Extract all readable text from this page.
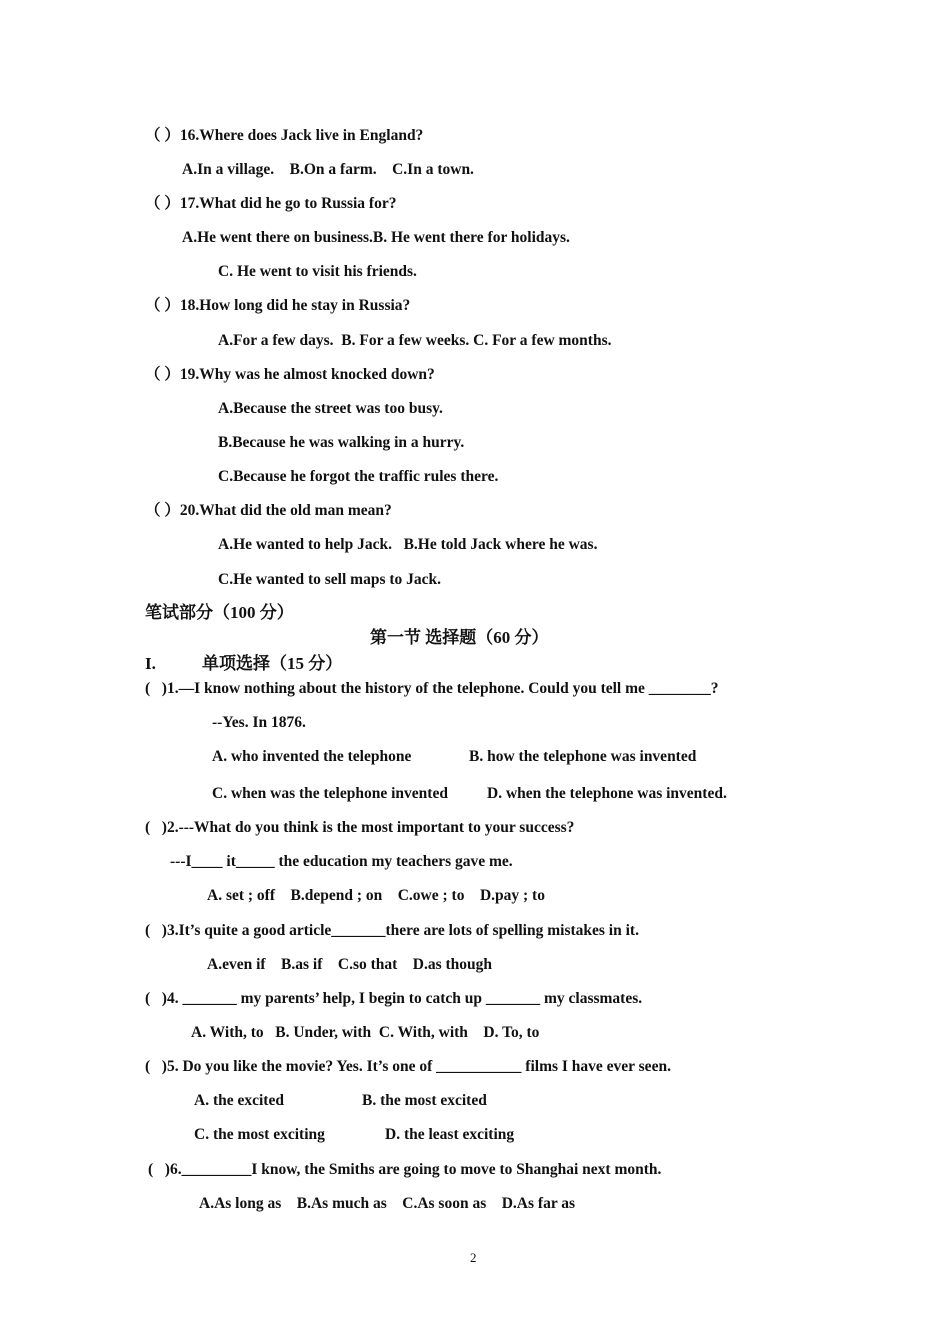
（ ）16.Where does Jack live in England?
A.In a village.    B.On a farm.    C.In a town.
（ ）17.What did he go to Russia for?
A.He went there on business.B. He went there for holidays.
C. He went to visit his friends.
（ ）18.How long did he stay in Russia?
A.For a few days.  B. For a few weeks. C. For a few months.
（ ）19.Why was he almost knocked down?
A.Because the street was too busy.
B.Because he was walking in a hurry.
C.Because he forgot the traffic rules there.
（ ）20.What did the old man mean?
A.He wanted to help Jack.   B.He told Jack where he was.
C.He wanted to sell maps to Jack.
笔试部分（100 分）
第一节 选择题（60 分）
I.	单项选择（15 分）
(   )1.—I know nothing about the history of the telephone. Could you tell me ________?
--Yes. In 1876.
A. who invented the telephone	B. how the telephone was invented
C. when was the telephone invented	D. when the telephone was invented.
(   )2.---What do you think is the most important to your success?
---I____ it_____ the education my teachers gave me.
A. set ; off    B.depend ; on    C.owe ; to    D.pay ; to
(   )3.It’s quite a good article_______there are lots of spelling mistakes in it.
A.even if    B.as if    C.so that    D.as though
(   )4. _______ my parents’ help, I begin to catch up _______ my classmates.
A. With, to   B. Under, with  C. With, with    D. To, to
(   )5. Do you like the movie? Yes. It’s one of ___________ films I have ever seen.
A. the excited	B. the most excited
C. the most exciting	D. the least exciting
(   )6._________I know, the Smiths are going to move to Shanghai next month.
A.As long as    B.As much as    C.As soon as    D.As far as
2
